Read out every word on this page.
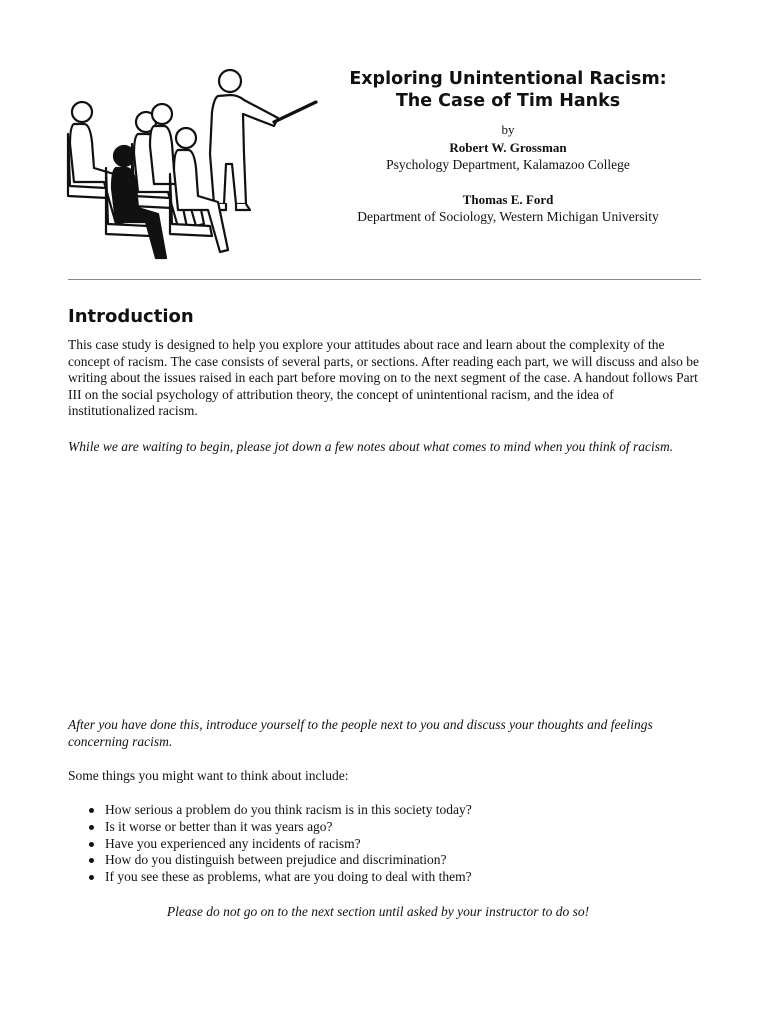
Exploring Unintentional Racism:
The Case of Tim Hanks
by
Robert W. Grossman
Psychology Department, Kalamazoo College
Thomas E. Ford
Department of Sociology, Western Michigan University
Introduction

This case study is designed to help you explore your attitudes about race and learn about the complexity of the concept of racism. The case consists of several parts, or sections. After reading each part, we will discuss and also be writing about the issues raised in each part before moving on to the next segment of the case. A handout follows Part III on the social psychology of attribution theory, the concept of unintentional racism, and the idea of institutionalized racism.

While we are waiting to begin, please jot down a few notes about what comes to mind when you think of racism.

After you have done this, introduce yourself to the people next to you and discuss your thoughts and feelings concerning racism.

Some things you might want to think about include:

How serious a problem do you think racism is in this society today?
Is it worse or better than it was years ago?
Have you experienced any incidents of racism?
How do you distinguish between prejudice and discrimination?
If you see these as problems, what are you doing to deal with them?

Please do not go on to the next section until asked by your instructor to do so!
